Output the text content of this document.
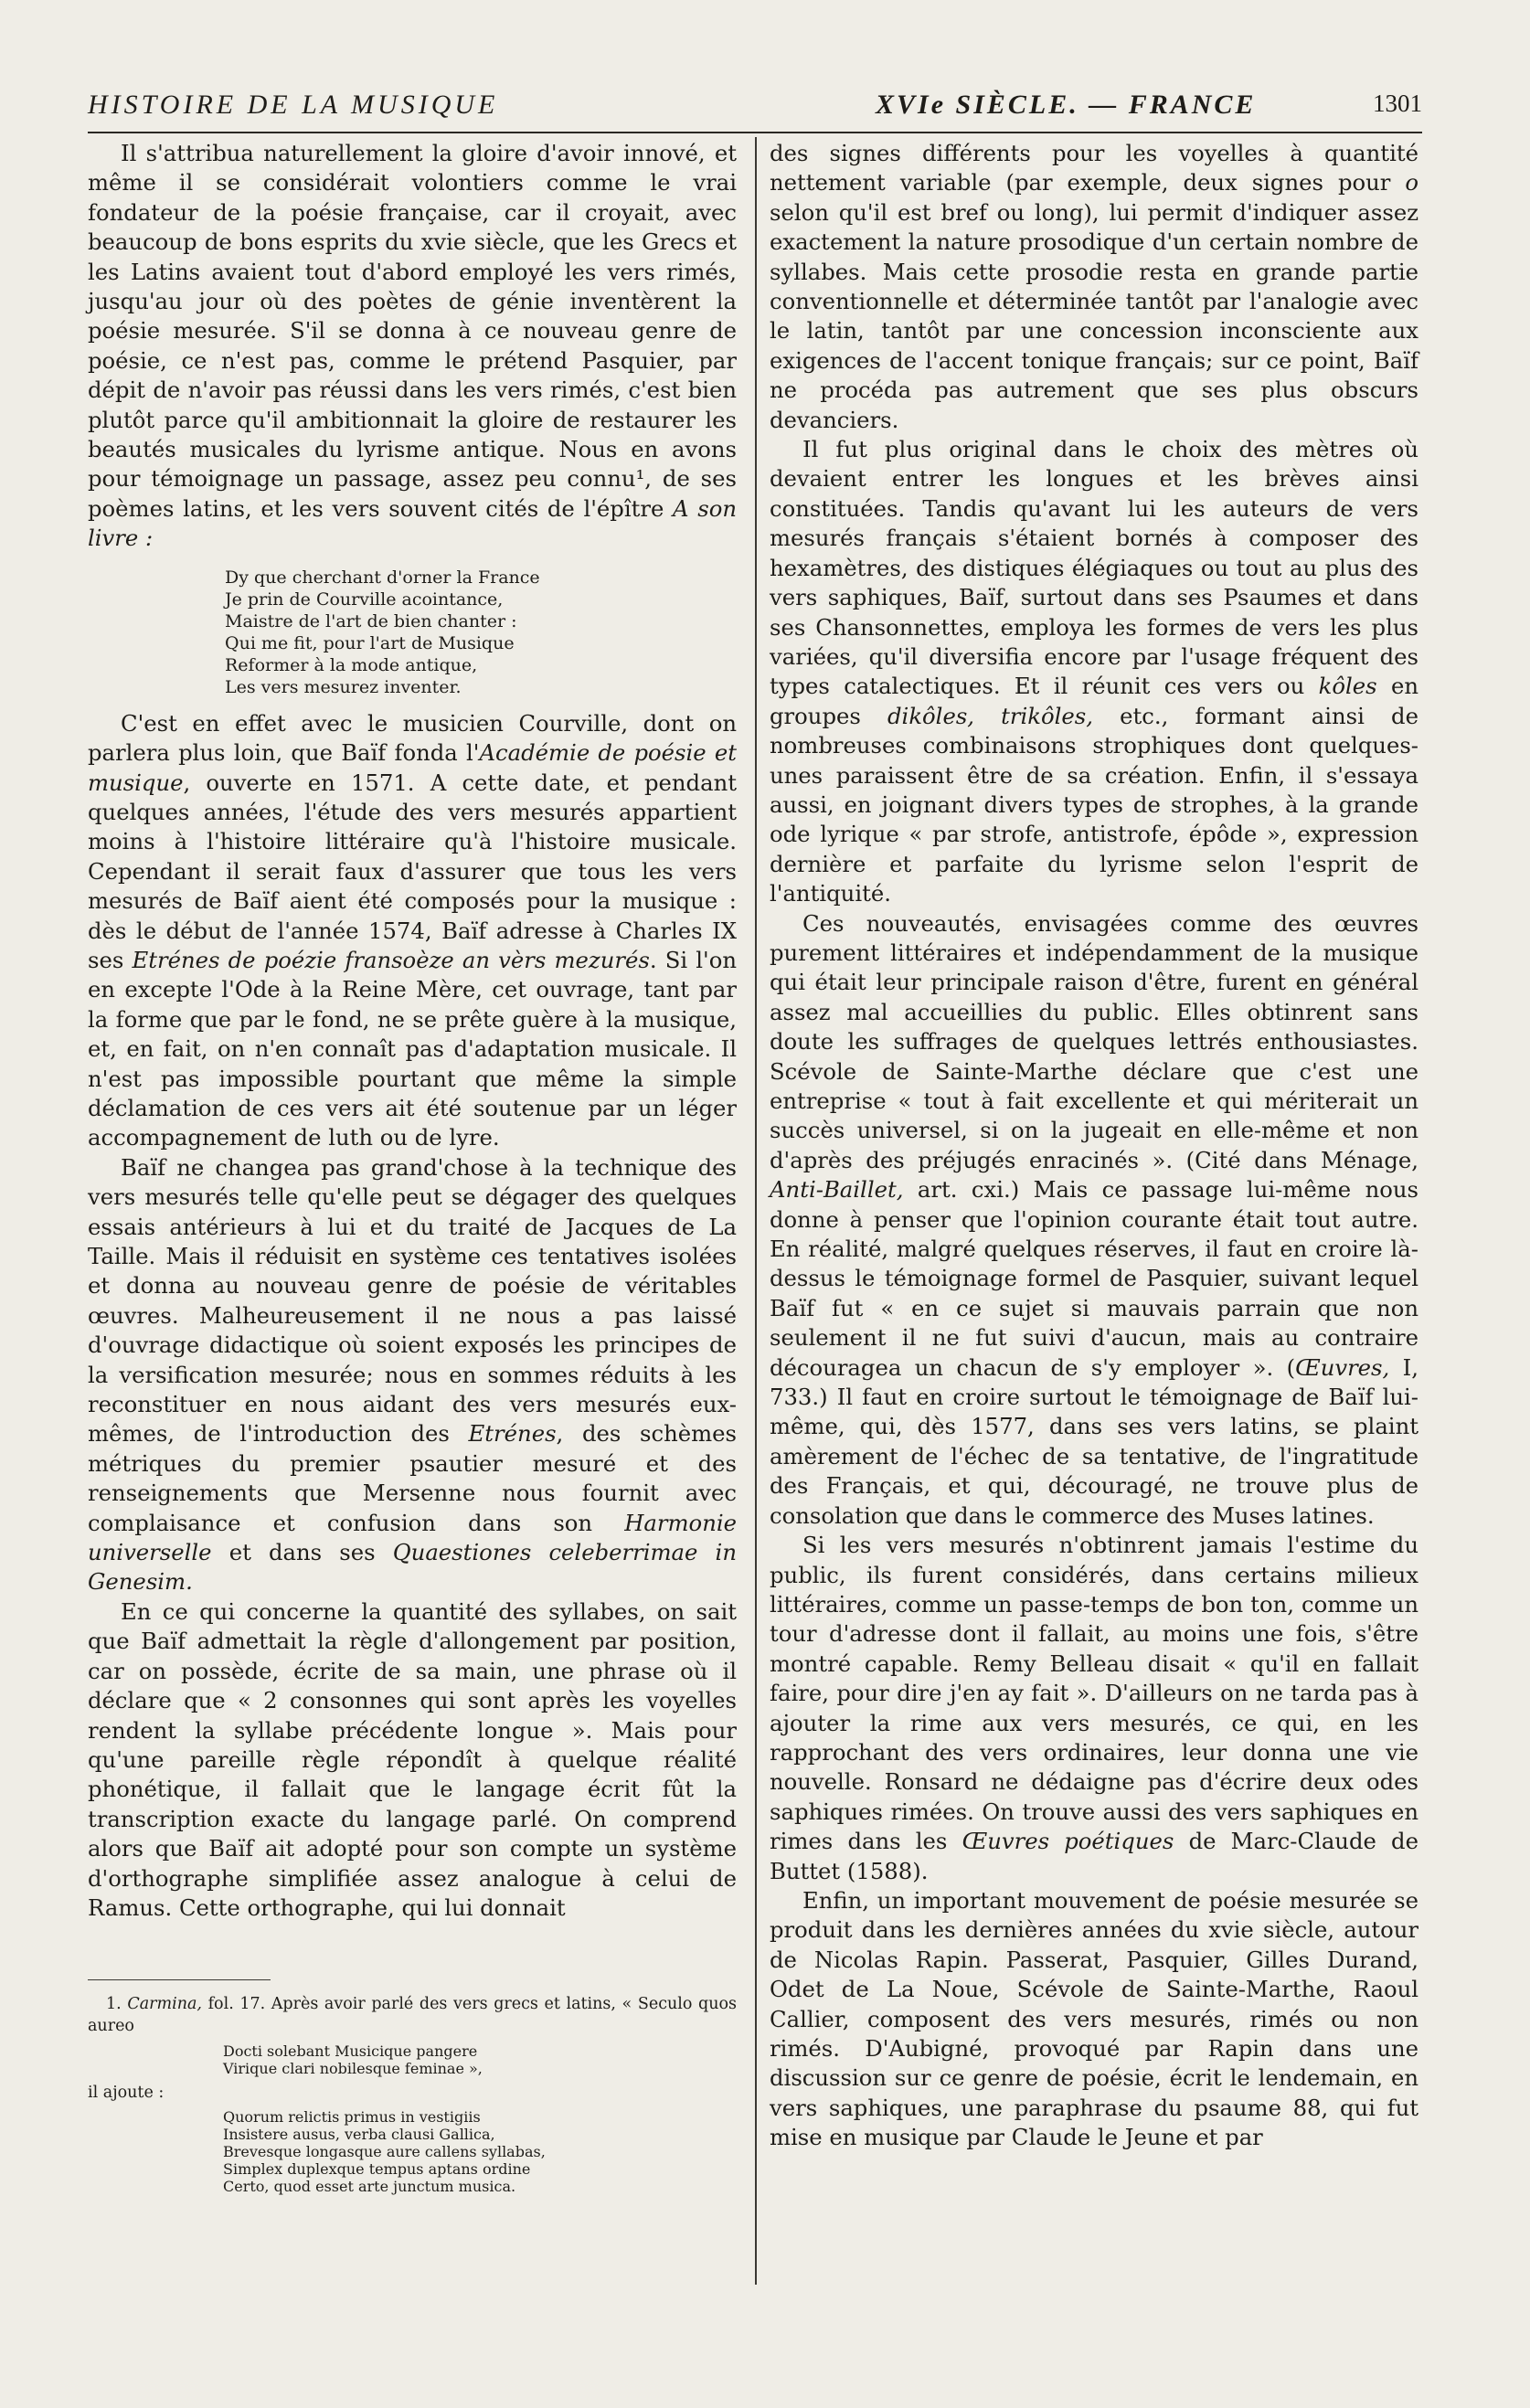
HISTOIRE DE LA MUSIQUE	XVIe SIÈCLE. — FRANCE	1301

Il s'attribua naturellement la gloire d'avoir innové, et même il se considérait volontiers comme le vrai fondateur de la poésie française, car il croyait, avec beaucoup de bons esprits du xvie siècle, que les Grecs et les Latins avaient tout d'abord employé les vers rimés, jusqu'au jour où des poètes de génie inventèrent la poésie mesurée. S'il se donna à ce nouveau genre de poésie, ce n'est pas, comme le prétend Pasquier, par dépit de n'avoir pas réussi dans les vers rimés, c'est bien plutôt parce qu'il ambitionnait la gloire de restaurer les beautés musicales du lyrisme antique. Nous en avons pour témoignage un passage, assez peu connu¹, de ses poèmes latins, et les vers souvent cités de l'épître A son livre :

Dy que cherchant d'orner la France
Je prin de Courville acointance,
Maistre de l'art de bien chanter :
Qui me fit, pour l'art de Musique
Reformer à la mode antique,
Les vers mesurez inventer.

C'est en effet avec le musicien Courville, dont on parlera plus loin, que Baïf fonda l'Académie de poésie et musique, ouverte en 1571. A cette date, et pendant quelques années, l'étude des vers mesurés appartient moins à l'histoire littéraire qu'à l'histoire musicale. Cependant il serait faux d'assurer que tous les vers mesurés de Baïf aient été composés pour la musique : dès le début de l'année 1574, Baïf adresse à Charles IX ses Etrénes de poézie fransoèze an vèrs mezurés. Si l'on en excepte l'Ode à la Reine Mère, cet ouvrage, tant par la forme que par le fond, ne se prête guère à la musique, et, en fait, on n'en connaît pas d'adaptation musicale. Il n'est pas impossible pourtant que même la simple déclamation de ces vers ait été soutenue par un léger accompagnement de luth ou de lyre.

Baïf ne changea pas grand'chose à la technique des vers mesurés telle qu'elle peut se dégager des quelques essais antérieurs à lui et du traité de Jacques de La Taille. Mais il réduisit en système ces tentatives isolées et donna au nouveau genre de poésie de véritables œuvres. Malheureusement il ne nous a pas laissé d'ouvrage didactique où soient exposés les principes de la versification mesurée; nous en sommes réduits à les reconstituer en nous aidant des vers mesurés eux-mêmes, de l'introduction des Etrénes, des schèmes métriques du premier psautier mesuré et des renseignements que Mersenne nous fournit avec complaisance et confusion dans son Harmonie universelle et dans ses Quaestiones celeberrimae in Genesim.

En ce qui concerne la quantité des syllabes, on sait que Baïf admettait la règle d'allongement par position, car on possède, écrite de sa main, une phrase où il déclare que « 2 consonnes qui sont après les voyelles rendent la syllabe précédente longue ». Mais pour qu'une pareille règle répondît à quelque réalité phonétique, il fallait que le langage écrit fût la transcription exacte du langage parlé. On comprend alors que Baïf ait adopté pour son compte un système d'orthographe simplifiée assez analogue à celui de Ramus. Cette orthographe, qui lui donnait

1. Carmina, fol. 17. Après avoir parlé des vers grecs et latins, « Seculo quos aureo

Docti solebant Musicique pangere
Virique clari nobilesque feminae »,
il ajoute :
Quorum relictis primus in vestigiis
Insistere ausus, verba clausi Gallica,
Brevesque longasque aure callens syllabas,
Simplex duplexque tempus aptans ordine
Certo, quod esset arte junctum musica.

des signes différents pour les voyelles à quantité nettement variable (par exemple, deux signes pour o selon qu'il est bref ou long), lui permit d'indiquer assez exactement la nature prosodique d'un certain nombre de syllabes. Mais cette prosodie resta en grande partie conventionnelle et déterminée tantôt par l'analogie avec le latin, tantôt par une concession inconsciente aux exigences de l'accent tonique français; sur ce point, Baïf ne procéda pas autrement que ses plus obscurs devanciers.

Il fut plus original dans le choix des mètres où devaient entrer les longues et les brèves ainsi constituées. Tandis qu'avant lui les auteurs de vers mesurés français s'étaient bornés à composer des hexamètres, des distiques élégiaques ou tout au plus des vers saphiques, Baïf, surtout dans ses Psaumes et dans ses Chansonnettes, employa les formes de vers les plus variées, qu'il diversifia encore par l'usage fréquent des types catalectiques. Et il réunit ces vers ou kôles en groupes dikôles, trikôles, etc., formant ainsi de nombreuses combinaisons strophiques dont quelques-unes paraissent être de sa création. Enfin, il s'essaya aussi, en joignant divers types de strophes, à la grande ode lyrique « par strofe, antistrofe, épôde », expression dernière et parfaite du lyrisme selon l'esprit de l'antiquité.

Ces nouveautés, envisagées comme des œuvres purement littéraires et indépendamment de la musique qui était leur principale raison d'être, furent en général assez mal accueillies du public. Elles obtinrent sans doute les suffrages de quelques lettrés enthousiastes. Scévole de Sainte-Marthe déclare que c'est une entreprise « tout à fait excellente et qui mériterait un succès universel, si on la jugeait en elle-même et non d'après des préjugés enracinés ». (Cité dans Ménage, Anti-Baillet, art. cxi.) Mais ce passage lui-même nous donne à penser que l'opinion courante était tout autre. En réalité, malgré quelques réserves, il faut en croire là-dessus le témoignage formel de Pasquier, suivant lequel Baïf fut « en ce sujet si mauvais parrain que non seulement il ne fut suivi d'aucun, mais au contraire découragea un chacun de s'y employer ». (Œuvres, I, 733.) Il faut en croire surtout le témoignage de Baïf lui-même, qui, dès 1577, dans ses vers latins, se plaint amèrement de l'échec de sa tentative, de l'ingratitude des Français, et qui, découragé, ne trouve plus de consolation que dans le commerce des Muses latines.

Si les vers mesurés n'obtinrent jamais l'estime du public, ils furent considérés, dans certains milieux littéraires, comme un passe-temps de bon ton, comme un tour d'adresse dont il fallait, au moins une fois, s'être montré capable. Remy Belleau disait « qu'il en fallait faire, pour dire j'en ay fait ». D'ailleurs on ne tarda pas à ajouter la rime aux vers mesurés, ce qui, en les rapprochant des vers ordinaires, leur donna une vie nouvelle. Ronsard ne dédaigne pas d'écrire deux odes saphiques rimées. On trouve aussi des vers saphiques en rimes dans les Œuvres poétiques de Marc-Claude de Buttet (1588).

Enfin, un important mouvement de poésie mesurée se produit dans les dernières années du xvie siècle, autour de Nicolas Rapin. Passerat, Pasquier, Gilles Durand, Odet de La Noue, Scévole de Sainte-Marthe, Raoul Callier, composent des vers mesurés, rimés ou non rimés. D'Aubigné, provoqué par Rapin dans une discussion sur ce genre de poésie, écrit le lendemain, en vers saphiques, une paraphrase du psaume 88, qui fut mise en musique par Claude le Jeune et par
